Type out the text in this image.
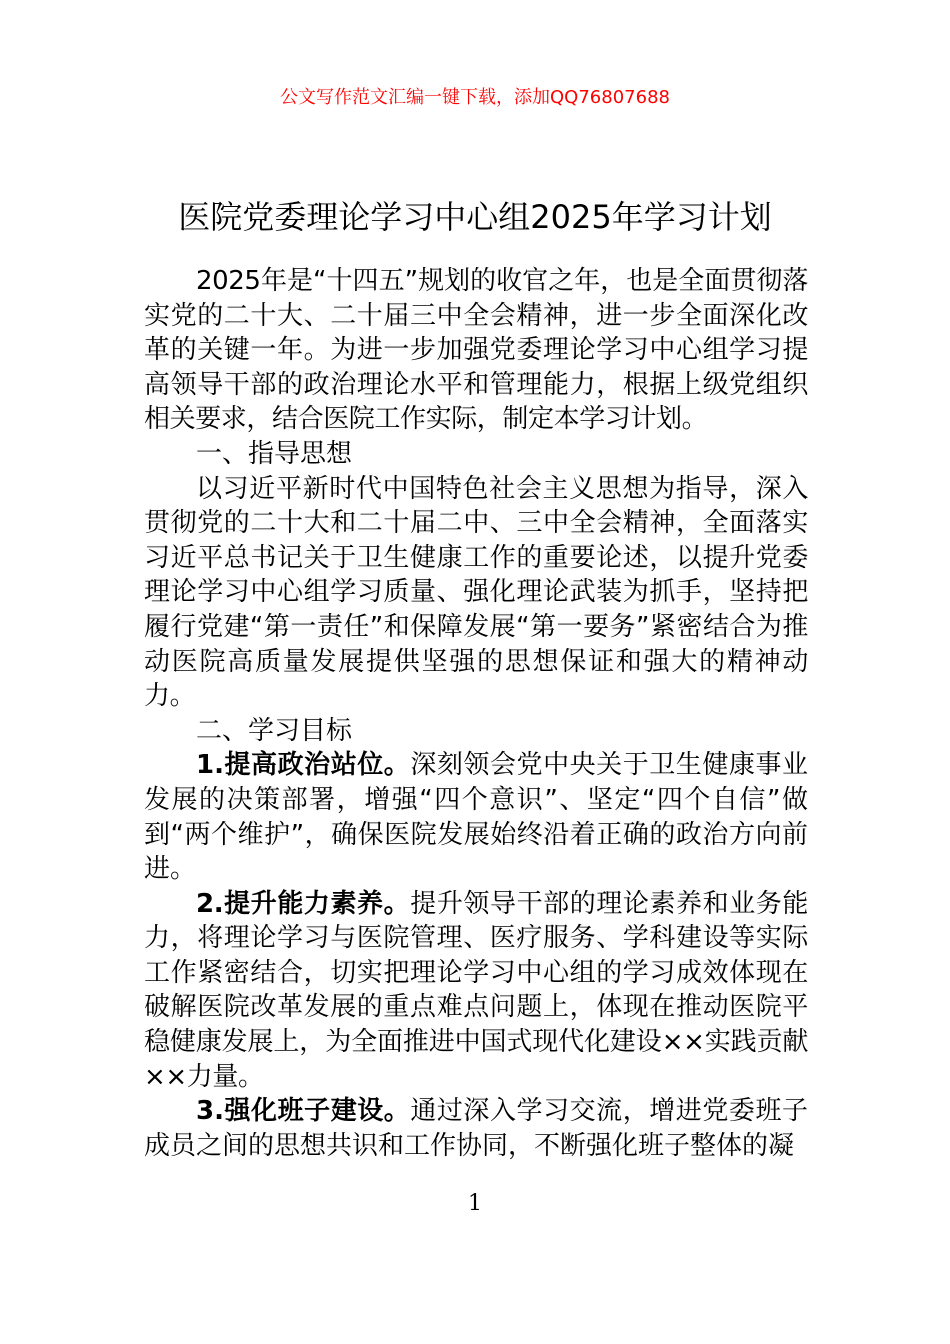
公文写作范文汇编一键下载，添加QQ76807688
医院党委理论学习中心组2025年学习计划

2025年是“十四五”规划的收官之年，也是全面贯彻落实党的二十大、二十届三中全会精神，进一步全面深化改革的关键一年。为进一步加强党委理论学习中心组学习提高领导干部的政治理论水平和管理能力，根据上级党组织相关要求，结合医院工作实际，制定本学习计划。

一、指导思想

以习近平新时代中国特色社会主义思想为指导，深入贯彻党的二十大和二十届二中、三中全会精神，全面落实习近平总书记关于卫生健康工作的重要论述，以提升党委理论学习中心组学习质量、强化理论武装为抓手，坚持把履行党建“第一责任”和保障发展“第一要务”紧密结合为推动医院高质量发展提供坚强的思想保证和强大的精神动力。

二、学习目标

1.提高政治站位。深刻领会党中央关于卫生健康事业发展的决策部署，增强“四个意识”、坚定“四个自信”做到“两个维护”，确保医院发展始终沿着正确的政治方向前进。

2.提升能力素养。提升领导干部的理论素养和业务能力，将理论学习与医院管理、医疗服务、学科建设等实际工作紧密结合，切实把理论学习中心组的学习成效体现在破解医院改革发展的重点难点问题上，体现在推动医院平稳健康发展上，为全面推进中国式现代化建设××实践贡献××力量。

3.强化班子建设。通过深入学习交流，增进党委班子成员之间的思想共识和工作协同，不断强化班子整体的凝

1
